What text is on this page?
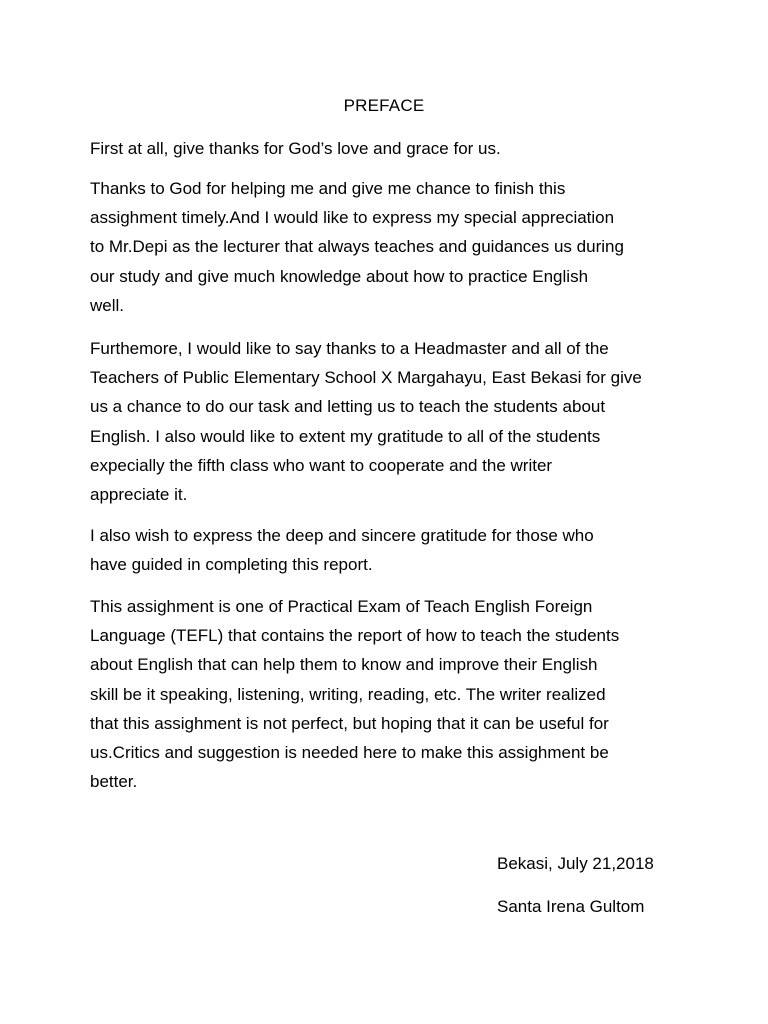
PREFACE

First at all, give thanks for God’s love and grace for us.

Thanks to God for helping me and give me chance to finish this
assighment timely.And I would like to express my special appreciation
to Mr.Depi as the lecturer that always teaches and guidances us during
our study and give much knowledge about how to practice English
well.

Furthemore, I would like to say thanks to a Headmaster and all of the
Teachers of Public Elementary School X Margahayu, East Bekasi for give
us a chance to do our task and letting us to teach the students about
English. I also would like to extent my gratitude to all of the students
expecially the fifth class who want to cooperate and the writer
appreciate it.

I also wish to express the deep and sincere gratitude for those who
have guided in completing this report.

This assighment is one of Practical Exam of Teach English Foreign
Language (TEFL) that contains the report of how to teach the students
about English that can help them to know and improve their English
skill be it speaking, listening, writing, reading, etc. The writer realized
that this assighment is not perfect, but hoping that it can be useful for
us.Critics and suggestion is needed here to make this assighment be
better.

Bekasi, July 21,2018
Santa Irena Gultom
